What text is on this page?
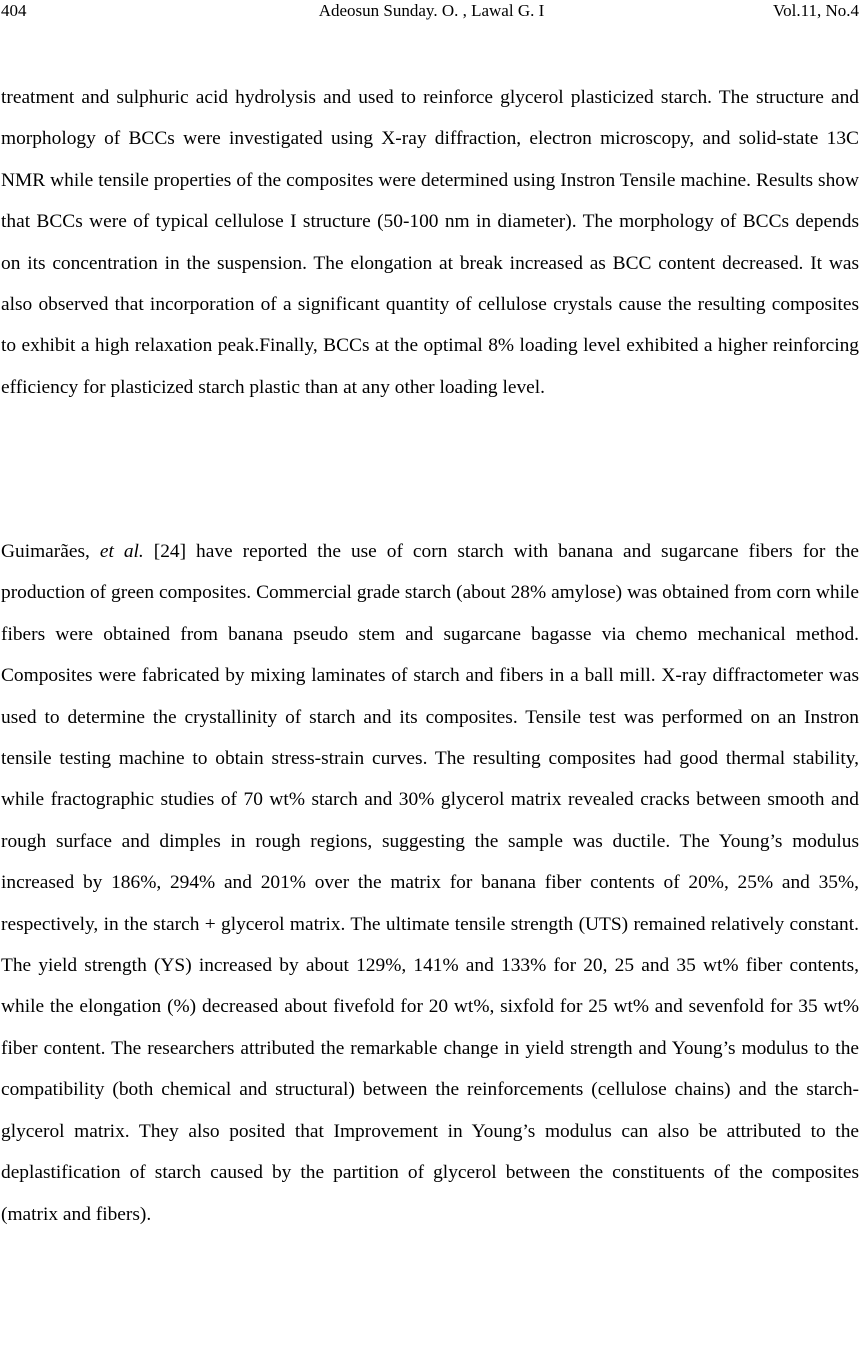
404	Adeosun Sunday. O. , Lawal G. I	Vol.11, No.4

treatment and sulphuric acid hydrolysis and used to reinforce glycerol plasticized starch. The structure and morphology of BCCs were investigated using X-ray diffraction, electron microscopy, and solid-state 13C NMR while tensile properties of the composites were determined using Instron Tensile machine. Results show that BCCs were of typical cellulose I structure (50-100 nm in diameter). The morphology of BCCs depends on its concentration in the suspension. The elongation at break increased as BCC content decreased. It was also observed that incorporation of a significant quantity of cellulose crystals cause the resulting composites to exhibit a high relaxation peak.Finally, BCCs at the optimal 8% loading level exhibited a higher reinforcing efficiency for plasticized starch plastic than at any other loading level.

Guimarães, et al. [24] have reported the use of corn starch with banana and sugarcane fibers for the production of green composites. Commercial grade starch (about 28% amylose) was obtained from corn while fibers were obtained from banana pseudo stem and sugarcane bagasse via chemo mechanical method. Composites were fabricated by mixing laminates of starch and fibers in a ball mill. X-ray diffractometer was used to determine the crystallinity of starch and its composites. Tensile test was performed on an Instron tensile testing machine to obtain stress-strain curves. The resulting composites had good thermal stability, while fractographic studies of 70 wt% starch and 30% glycerol matrix revealed cracks between smooth and rough surface and dimples in rough regions, suggesting the sample was ductile. The Young’s modulus increased by 186%, 294% and 201% over the matrix for banana fiber contents of 20%, 25% and 35%, respectively, in the starch + glycerol matrix. The ultimate tensile strength (UTS) remained relatively constant. The yield strength (YS) increased by about 129%, 141% and 133% for 20, 25 and 35 wt% fiber contents, while the elongation (%) decreased about fivefold for 20 wt%, sixfold for 25 wt% and sevenfold for 35 wt% fiber content. The researchers attributed the remarkable change in yield strength and Young’s modulus to the compatibility (both chemical and structural) between the reinforcements (cellulose chains) and the starch-glycerol matrix. They also posited that Improvement in Young’s modulus can also be attributed to the deplastification of starch caused by the partition of glycerol between the constituents of the composites (matrix and fibers).
